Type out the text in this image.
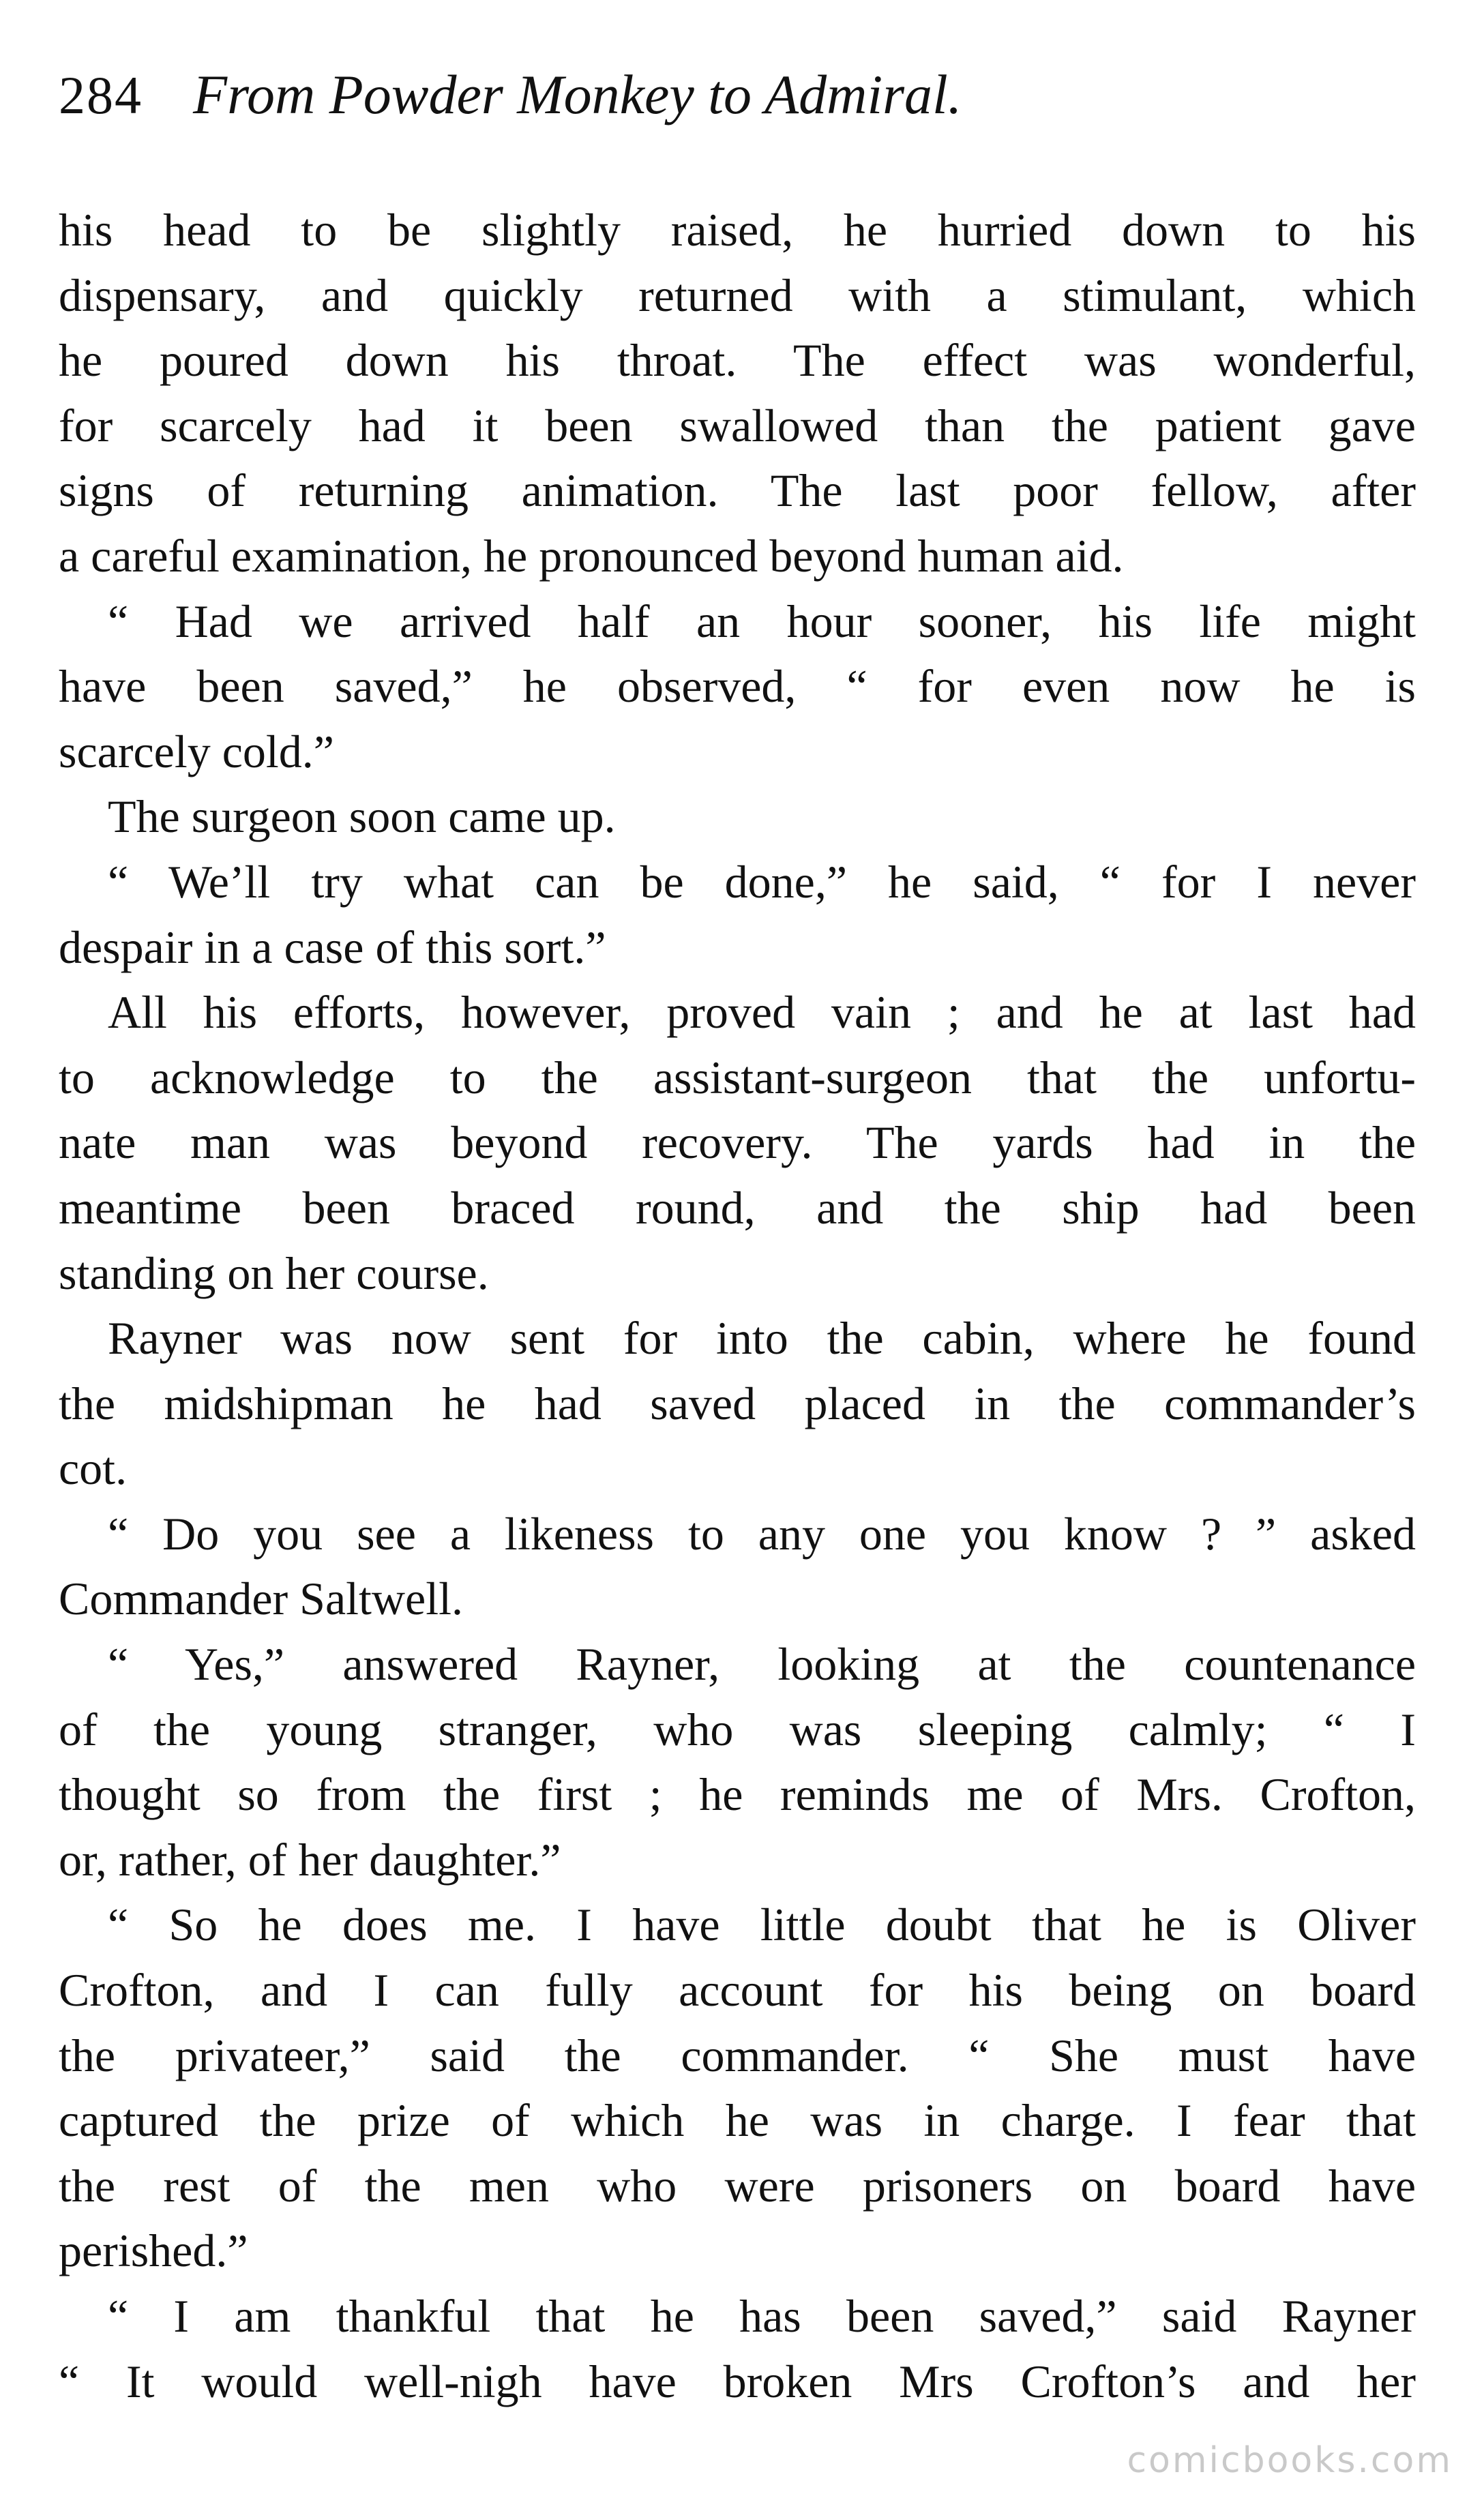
284 From Powder Monkey to Admiral.
his head to be slightly raised, he hurried down to his
dispensary, and quickly returned with a stimulant, which
he poured down his throat. The effect was wonderful,
for scarcely had it been swallowed than the patient gave
signs of returning animation. The last poor fellow, after
a careful examination, he pronounced beyond human aid.
“ Had we arrived half an hour sooner, his life might
have been saved,” he observed, “ for even now he is
scarcely cold.”
The surgeon soon came up.
“ We’ll try what can be done,” he said, “ for I never
despair in a case of this sort.”
All his efforts, however, proved vain ; and he at last had
to acknowledge to the assistant-surgeon that the unfortu-
nate man was beyond recovery. The yards had in the
meantime been braced round, and the ship had been
standing on her course.
Rayner was now sent for into the cabin, where he found
the midshipman he had saved placed in the commander’s
cot.
“ Do you see a likeness to any one you know ? ” asked
Commander Saltwell.
“ Yes,” answered Rayner, looking at the countenance
of the young stranger, who was sleeping calmly; “ I
thought so from the first ; he reminds me of Mrs. Crofton,
or, rather, of her daughter.”
“ So he does me. I have little doubt that he is Oliver
Crofton, and I can fully account for his being on board
the privateer,” said the commander. “ She must have
captured the prize of which he was in charge. I fear that
the rest of the men who were prisoners on board have
perished.”
“ I am thankful that he has been saved,” said Rayner
“ It would well-nigh have broken Mrs Crofton’s and her
comicbooks.com
